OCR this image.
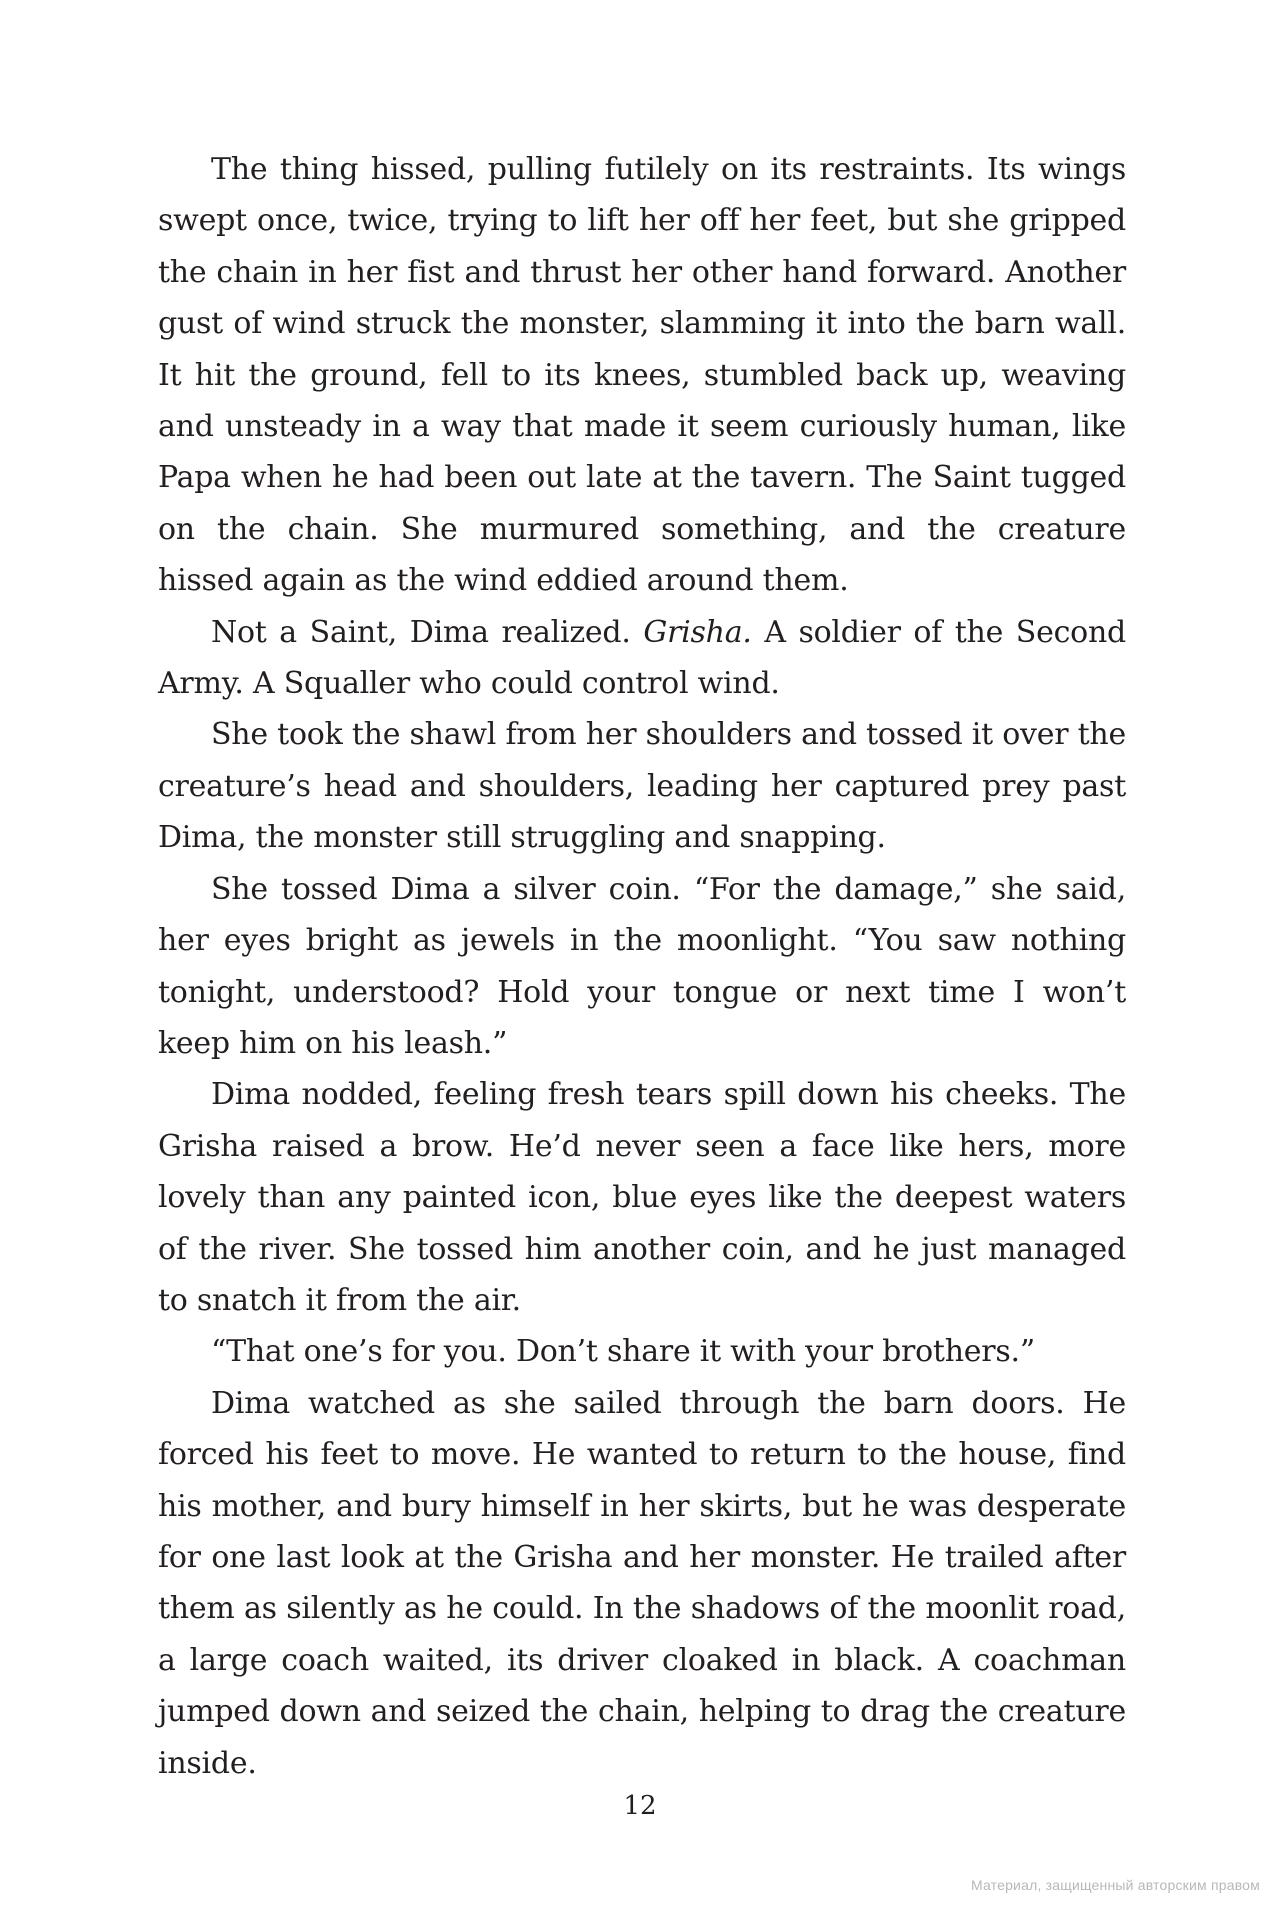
The thing hissed, pulling futilely on its restraints. Its wings swept once, twice, trying to lift her off her feet, but she gripped the chain in her fist and thrust her other hand forward. Another gust of wind struck the monster, slamming it into the barn wall. It hit the ground, fell to its knees, stumbled back up, weaving and unsteady in a way that made it seem curiously human, like Papa when he had been out late at the tavern. The Saint tugged on the chain. She murmured something, and the creature hissed again as the wind eddied around them.

Not a Saint, Dima realized. Grisha. A soldier of the Second Army. A Squaller who could control wind.

She took the shawl from her shoulders and tossed it over the creature’s head and shoulders, leading her captured prey past Dima, the monster still struggling and snapping.

She tossed Dima a silver coin. “For the damage,” she said, her eyes bright as jewels in the moonlight. “You saw nothing tonight, understood? Hold your tongue or next time I won’t keep him on his leash.”

Dima nodded, feeling fresh tears spill down his cheeks. The Grisha raised a brow. He’d never seen a face like hers, more lovely than any painted icon, blue eyes like the deepest waters of the river. She tossed him another coin, and he just managed to snatch it from the air.

“That one’s for you. Don’t share it with your brothers.”

Dima watched as she sailed through the barn doors. He forced his feet to move. He wanted to return to the house, find his mother, and bury himself in her skirts, but he was desperate for one last look at the Grisha and her monster. He trailed after them as silently as he could. In the shadows of the moonlit road, a large coach waited, its driver cloaked in black. A coachman jumped down and seized the chain, helping to drag the creature inside.

12
Материал, защищенный авторским правом
